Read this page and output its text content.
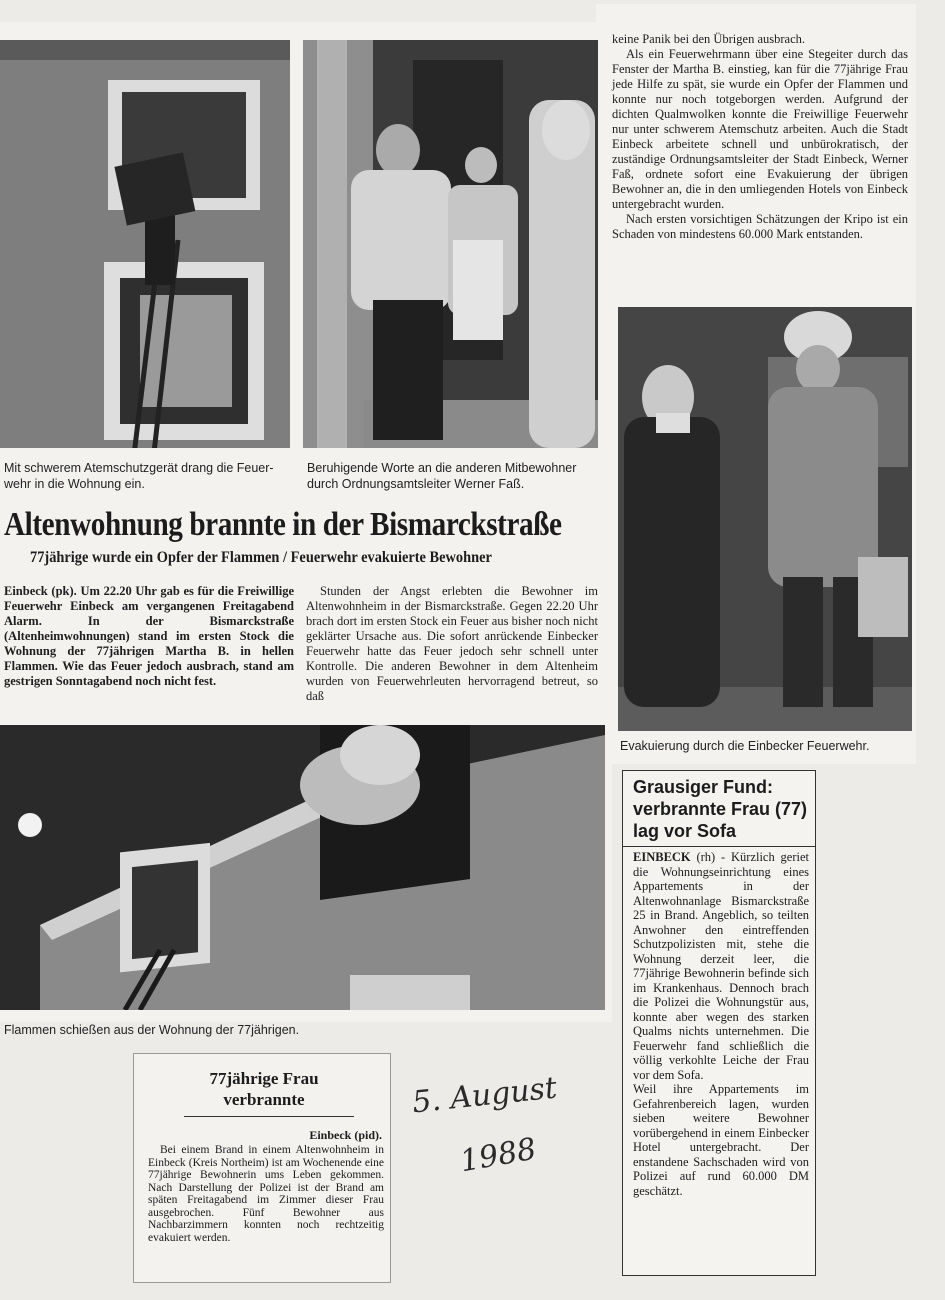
Mit schwerem Atemschutzgerät drang die Feuer-wehr in die Wohnung ein.
Beruhigende Worte an die anderen Mitbewohner durch Ordnungsamtsleiter Werner Faß.
Altenwohnung brannte in der Bismarckstraße
77jährige wurde ein Opfer der Flammen / Feuerwehr evakuierte Bewohner

Einbeck (pk). Um 22.20 Uhr gab es für die Freiwillige Feuerwehr Einbeck am vergangenen Freitagabend Alarm. In der Bismarckstraße (Altenheimwohnungen) stand im ersten Stock die Wohnung der 77jährigen Martha B. in hellen Flammen. Wie das Feuer jedoch ausbrach, stand am gestrigen Sonntagabend noch nicht fest.

Stunden der Angst erlebten die Bewohner im Altenwohnheim in der Bismarckstraße. Gegen 22.20 Uhr brach dort im ersten Stock ein Feuer aus bisher noch nicht geklärter Ursache aus. Die sofort anrückende Einbecker Feuerwehr hatte das Feuer jedoch sehr schnell unter Kontrolle. Die anderen Bewohner in dem Altenheim wurden von Feuerwehrleuten hervorragend betreut, so daß

keine Panik bei den Übrigen ausbrach.

Als ein Feuerwehrmann über eine Stegeiter durch das Fenster der Martha B. einstieg, kan für die 77jährige Frau jede Hilfe zu spät, sie wurde ein Opfer der Flammen und konnte nur noch totgeborgen werden. Aufgrund der dichten Qualmwolken konnte die Freiwillige Feuerwehr nur unter schwerem Atemschutz arbeiten. Auch die Stadt Einbeck arbeitete schnell und unbürokratisch, der zuständige Ordnungsamtsleiter der Stadt Einbeck, Werner Faß, ordnete sofort eine Evakuierung der übrigen Bewohner an, die in den umliegenden Hotels von Einbeck untergebracht wurden.

Nach ersten vorsichtigen Schätzungen der Kripo ist ein Schaden von mindestens 60.000 Mark entstanden.

Evakuierung durch die Einbecker Feuerwehr.
Flammen schießen aus der Wohnung der 77jährigen.
77jährige Frau verbrannte
Einbeck (pid).
Bei einem Brand in einem Altenwohnheim in Einbeck (Kreis Northeim) ist am Wochenende eine 77jährige Bewohnerin ums Leben gekommen. Nach Darstellung der Polizei ist der Brand am späten Freitagabend im Zimmer dieser Frau ausgebrochen. Fünf Bewohner aus Nachbarzimmern konnten noch rechtzeitig evakuiert werden.
5. August
1988
Grausiger Fund: verbrannte Frau (77) lag vor Sofa
EINBECK (rh) - Kürzlich geriet die Wohnungseinrichtung eines Appartements in der Altenwohnanlage Bismarckstraße 25 in Brand. Angeblich, so teilten Anwohner den eintreffenden Schutzpolizisten mit, stehe die Wohnung derzeit leer, die 77jährige Bewohnerin befinde sich im Krankenhaus. Dennoch brach die Polizei die Wohnungstür aus, konnte aber wegen des starken Qualms nichts unternehmen. Die Feuerwehr fand schließlich die völlig verkohlte Leiche der Frau vor dem Sofa.
Weil ihre Appartements im Gefahrenbereich lagen, wurden sieben weitere Bewohner vorübergehend in einem Einbecker Hotel untergebracht. Der enstandene Sachschaden wird von Polizei auf rund 60.000 DM geschätzt.
